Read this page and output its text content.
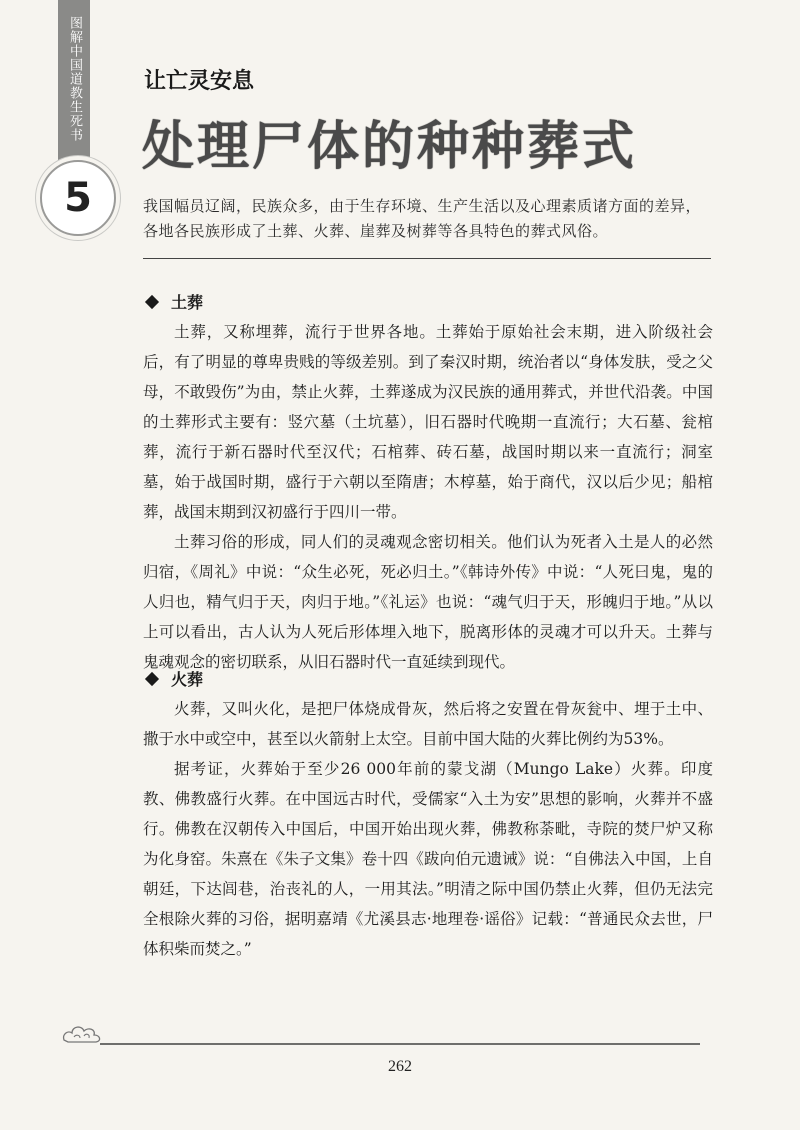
图解中国道教生死书
5
让亡灵安息
处理尸体的种种葬式

我国幅员辽阔，民族众多，由于生存环境、生产生活以及心理素质诸方面的差异，各地各民族形成了土葬、火葬、崖葬及树葬等各具特色的葬式风俗。

土葬

土葬，又称埋葬，流行于世界各地。土葬始于原始社会末期，进入阶级社会后，有了明显的尊卑贵贱的等级差别。到了秦汉时期，统治者以“身体发肤，受之父母，不敢毁伤”为由，禁止火葬，土葬遂成为汉民族的通用葬式，并世代沿袭。中国的土葬形式主要有：竖穴墓（土坑墓），旧石器时代晚期一直流行；大石墓、瓮棺葬，流行于新石器时代至汉代；石棺葬、砖石墓，战国时期以来一直流行；洞室墓，始于战国时期，盛行于六朝以至隋唐；木椁墓，始于商代，汉以后少见；船棺葬，战国末期到汉初盛行于四川一带。

土葬习俗的形成，同人们的灵魂观念密切相关。他们认为死者入土是人的必然归宿，《周礼》中说：“众生必死，死必归土。”《韩诗外传》中说：“人死曰鬼，鬼的人归也，精气归于天，肉归于地。”《礼运》也说：“魂气归于天，形魄归于地。”从以上可以看出，古人认为人死后形体埋入地下，脱离形体的灵魂才可以升天。土葬与鬼魂观念的密切联系，从旧石器时代一直延续到现代。

火葬

火葬，又叫火化，是把尸体烧成骨灰，然后将之安置在骨灰瓮中、埋于土中、撒于水中或空中，甚至以火箭射上太空。目前中国大陆的火葬比例约为53%。

据考证，火葬始于至少26 000年前的蒙戈湖（Mungo Lake）火葬。印度教、佛教盛行火葬。在中国远古时代，受儒家“入土为安”思想的影响，火葬并不盛行。佛教在汉朝传入中国后，中国开始出现火葬，佛教称荼毗，寺院的焚尸炉又称为化身窑。朱熹在《朱子文集》卷十四《跋向伯元遗诫》说：“自佛法入中国，上自朝廷，下达闾巷，治丧礼的人，一用其法。”明清之际中国仍禁止火葬，但仍无法完全根除火葬的习俗，据明嘉靖《尤溪县志·地理卷·谣俗》记载：“普通民众去世，尸体积柴而焚之。”

262
